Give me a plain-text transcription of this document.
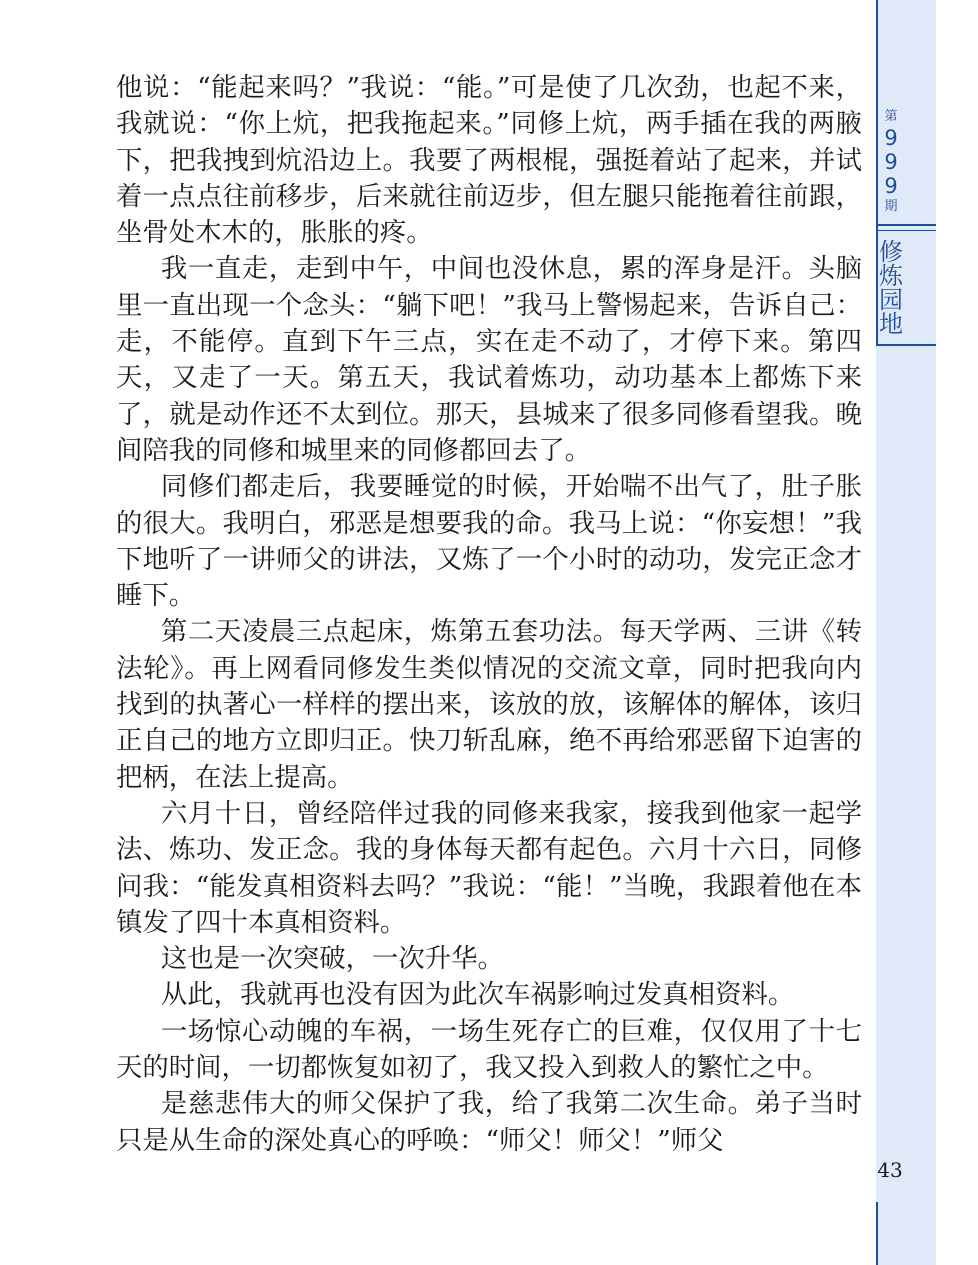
第
9
9
9
期
修
炼
园
地

他说：“能起来吗？”我说：“能。”可是使了几次劲，也起不来，我就说：“你上炕，把我拖起来。”同修上炕，两手插在我的两腋下，把我拽到炕沿边上。我要了两根棍，强挺着站了起来，并试着一点点往前移步，后来就往前迈步，但左腿只能拖着往前跟，坐骨处木木的，胀胀的疼。

我一直走，走到中午，中间也没休息，累的浑身是汗。头脑里一直出现一个念头：“躺下吧！”我马上警惕起来，告诉自己：走，不能停。直到下午三点，实在走不动了，才停下来。第四天，又走了一天。第五天，我试着炼功，动功基本上都炼下来了，就是动作还不太到位。那天，县城来了很多同修看望我。晚间陪我的同修和城里来的同修都回去了。

同修们都走后，我要睡觉的时候，开始喘不出气了，肚子胀的很大。我明白，邪恶是想要我的命。我马上说：“你妄想！”我下地听了一讲师父的讲法，又炼了一个小时的动功，发完正念才睡下。

第二天凌晨三点起床，炼第五套功法。每天学两、三讲《转法轮》。再上网看同修发生类似情况的交流文章，同时把我向内找到的执著心一样样的摆出来，该放的放，该解体的解体，该归正自己的地方立即归正。快刀斩乱麻，绝不再给邪恶留下迫害的把柄，在法上提高。

六月十日，曾经陪伴过我的同修来我家，接我到他家一起学法、炼功、发正念。我的身体每天都有起色。六月十六日，同修问我：“能发真相资料去吗？”我说：“能！”当晚，我跟着他在本镇发了四十本真相资料。

这也是一次突破，一次升华。

从此，我就再也没有因为此次车祸影响过发真相资料。

一场惊心动魄的车祸，一场生死存亡的巨难，仅仅用了十七天的时间，一切都恢复如初了，我又投入到救人的繁忙之中。

是慈悲伟大的师父保护了我，给了我第二次生命。弟子当时只是从生命的深处真心的呼唤：“师父！师父！”师父

43
